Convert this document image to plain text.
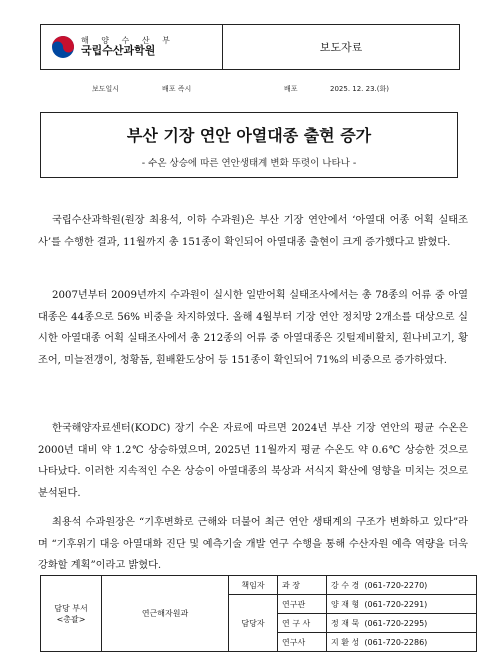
해 양 수 산 부
국립수산과학원	보도자료
보도일시	배포 즉시	배포	2025. 12. 23.(화)
부산 기장 연안 아열대종 출현 증가
- 수온 상승에 따른 연안생태계 변화 뚜렷이 나타나 -
국립수산과학원(원장 최용석, 이하 수과원)은 부산 기장 연안에서 ‘아열대 어종 어획 실태조사’를 수행한 결과, 11월까지 총 151종이 확인되어 아열대종 출현이 크게 증가했다고 밝혔다.
2007년부터 2009년까지 수과원이 실시한 일반어획 실태조사에서는 총 78종의 어류 중 아열대종은 44종으로 56% 비중을 차지하였다. 올해 4월부터 기장 연안 정치망 2개소를 대상으로 실시한 아열대종 어획 실태조사에서 총 212종의 어류 중 아열대종은 깃털제비활치, 흰나비고기, 황조어, 미늘전갱이, 청황돔, 흰배환도상어 등 151종이 확인되어 71%의 비중으로 증가하였다.
한국해양자료센터(KODC) 장기 수온 자료에 따르면 2024년 부산 기장 연안의 평균 수온은 2000년 대비 약 1.2℃ 상승하였으며, 2025년 11월까지 평균 수온도 약 0.6℃ 상승한 것으로 나타났다. 이러한 지속적인 수온 상승이 아열대종의 북상과 서식지 확산에 영향을 미치는 것으로 분석된다.
최용석 수과원장은 “기후변화로 근해와 더불어 최근 연안 생태계의 구조가 변화하고 있다”라며 “기후위기 대응 아열대화 진단 및 예측기술 개발 연구 수행을 통해 수산자원 예측 역량을 더욱 강화할 계획”이라고 밝혔다.
담당 부서
<총괄>	연근해자원과	책임자	과 장	강 수 경 (061-720-2270)
		담당자	연구관	양 재 형 (061-720-2291)
			연 구 사	정 재 묵 (061-720-2295)
			연구사	지 환 성 (061-720-2286)
